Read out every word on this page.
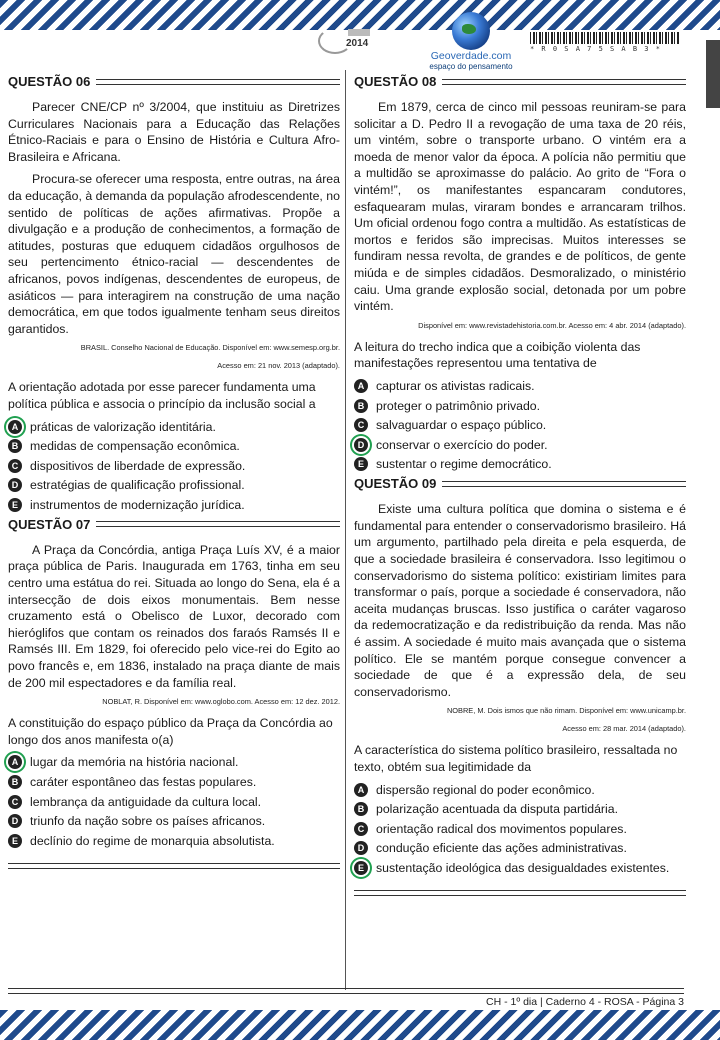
2014
Geoverdade.com
espaço do pensamento
* R 0 S A 7 5 S A B 3 *
QUESTÃO 06

Parecer CNE/CP nº 3/2004, que instituiu as Diretrizes Curriculares Nacionais para a Educação das Relações Étnico-Raciais e para o Ensino de História e Cultura Afro-Brasileira e Africana.

Procura-se oferecer uma resposta, entre outras, na área da educação, à demanda da população afrodescendente, no sentido de políticas de ações afirmativas. Propõe a divulgação e a produção de conhecimentos, a formação de atitudes, posturas que eduquem cidadãos orgulhosos de seu pertencimento étnico-racial — descendentes de africanos, povos indígenas, descendentes de europeus, de asiáticos — para interagirem na construção de uma nação democrática, em que todos igualmente tenham seus direitos garantidos.

BRASIL. Conselho Nacional de Educação. Disponível em: www.semesp.org.br.
Acesso em: 21 nov. 2013 (adaptado).
A orientação adotada por esse parecer fundamenta uma política pública e associa o princípio da inclusão social a
A práticas de valorização identitária.
B medidas de compensação econômica.
C dispositivos de liberdade de expressão.
D estratégias de qualificação profissional.
E instrumentos de modernização jurídica.
QUESTÃO 07

A Praça da Concórdia, antiga Praça Luís XV, é a maior praça pública de Paris. Inaugurada em 1763, tinha em seu centro uma estátua do rei. Situada ao longo do Sena, ela é a intersecção de dois eixos monumentais. Bem nesse cruzamento está o Obelisco de Luxor, decorado com hieróglifos que contam os reinados dos faraós Ramsés II e Ramsés III. Em 1829, foi oferecido pelo vice-rei do Egito ao povo francês e, em 1836, instalado na praça diante de mais de 200 mil espectadores e da família real.

NOBLAT, R. Disponível em: www.oglobo.com. Acesso em: 12 dez. 2012.
A constituição do espaço público da Praça da Concórdia ao longo dos anos manifesta o(a)
A lugar da memória na história nacional.
B caráter espontâneo das festas populares.
C lembrança da antiguidade da cultura local.
D triunfo da nação sobre os países africanos.
E declínio do regime de monarquia absolutista.
QUESTÃO 08

Em 1879, cerca de cinco mil pessoas reuniram-se para solicitar a D. Pedro II a revogação de uma taxa de 20 réis, um vintém, sobre o transporte urbano. O vintém era a moeda de menor valor da época. A polícia não permitiu que a multidão se aproximasse do palácio. Ao grito de “Fora o vintém!”, os manifestantes espancaram condutores, esfaquearam mulas, viraram bondes e arrancaram trilhos. Um oficial ordenou fogo contra a multidão. As estatísticas de mortos e feridos são imprecisas. Muitos interesses se fundiram nessa revolta, de grandes e de políticos, de gente miúda e de simples cidadãos. Desmoralizado, o ministério caiu. Uma grande explosão social, detonada por um pobre vintém.

Disponível em: www.revistadehistoria.com.br. Acesso em: 4 abr. 2014 (adaptado).
A leitura do trecho indica que a coibição violenta das manifestações representou uma tentativa de
A capturar os ativistas radicais.
B proteger o patrimônio privado.
C salvaguardar o espaço público.
D conservar o exercício do poder.
E sustentar o regime democrático.
QUESTÃO 09

Existe uma cultura política que domina o sistema e é fundamental para entender o conservadorismo brasileiro. Há um argumento, partilhado pela direita e pela esquerda, de que a sociedade brasileira é conservadora. Isso legitimou o conservadorismo do sistema político: existiriam limites para transformar o país, porque a sociedade é conservadora, não aceita mudanças bruscas. Isso justifica o caráter vagaroso da redemocratização e da redistribuição da renda. Mas não é assim. A sociedade é muito mais avançada que o sistema político. Ele se mantém porque consegue convencer a sociedade de que é a expressão dela, de seu conservadorismo.

NOBRE, M. Dois ismos que não rimam. Disponível em: www.unicamp.br.
Acesso em: 28 mar. 2014 (adaptado).
A característica do sistema político brasileiro, ressaltada no texto, obtém sua legitimidade da
A dispersão regional do poder econômico.
B polarização acentuada da disputa partidária.
C orientação radical dos movimentos populares.
D condução eficiente das ações administrativas.
E sustentação ideológica das desigualdades existentes.
CH - 1º dia | Caderno 4 - ROSA - Página 3
